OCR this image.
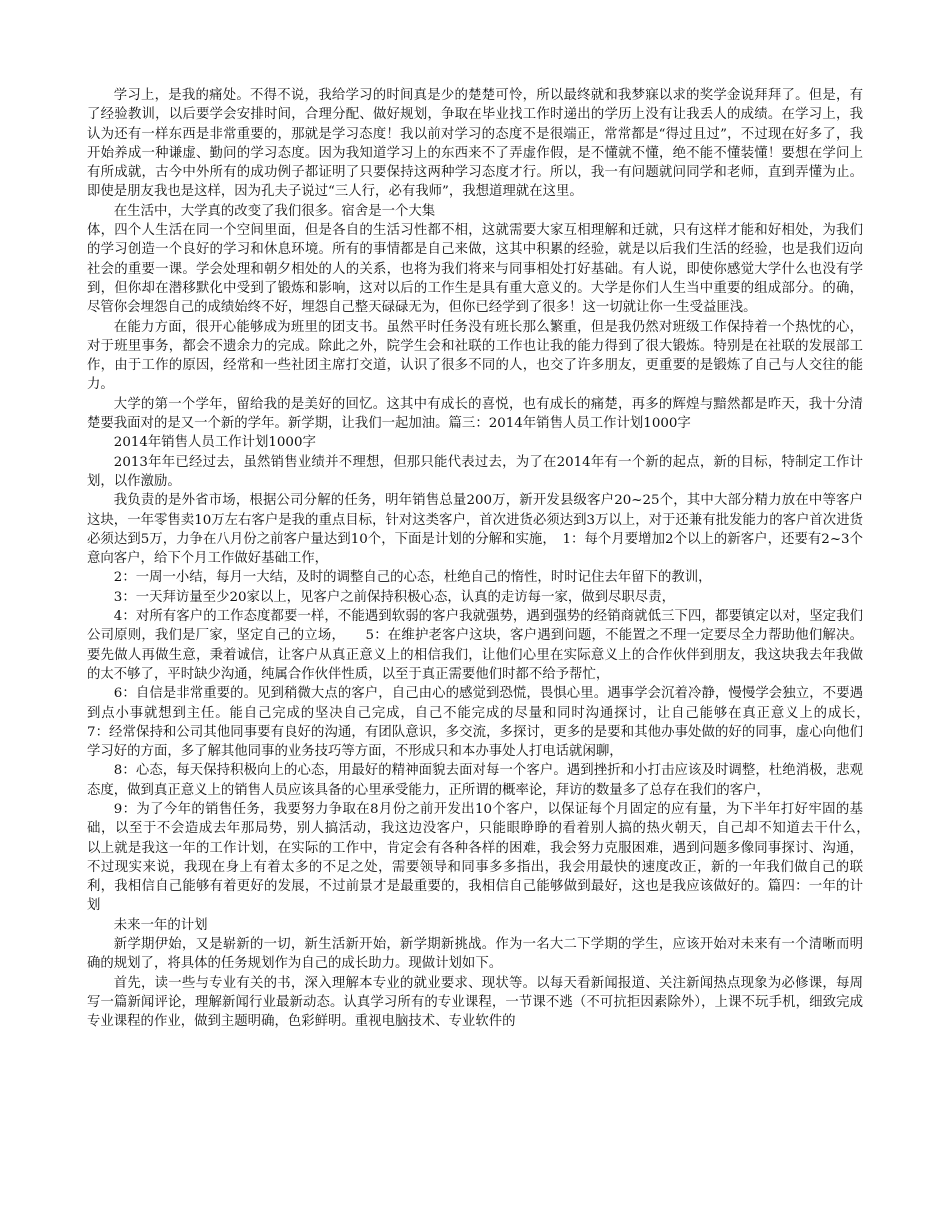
学习上，是我的痛处。不得不说，我给学习的时间真是少的楚楚可怜，所以最终就和我梦寐以求的奖学金说拜拜了。但是，有了经验教训，以后要学会安排时间，合理分配、做好规划，争取在毕业找工作时递出的学历上没有让我丢人的成绩。在学习上，我认为还有一样东西是非常重要的，那就是学习态度！我以前对学习的态度不是很端正，常常都是“得过且过”，不过现在好多了，我开始养成一种谦虚、勤问的学习态度。因为我知道学习上的东西来不了弄虚作假，是不懂就不懂，绝不能不懂装懂！要想在学问上有所成就，古今中外所有的成功例子都证明了只要保持这两种学习态度才行。所以，我一有问题就问同学和老师，直到弄懂为止。即使是朋友我也是这样，因为孔夫子说过“三人行，必有我师”，我想道理就在这里。

在生活中，大学真的改变了我们很多。宿舍是一个大集

体，四个人生活在同一个空间里面，但是各自的生活习性都不相，这就需要大家互相理解和迁就，只有这样才能和好相处，为我们的学习创造一个良好的学习和休息环境。所有的事情都是自己来做，这其中积累的经验，就是以后我们生活的经验，也是我们迈向社会的重要一课。学会处理和朝夕相处的人的关系，也将为我们将来与同事相处打好基础。有人说，即使你感觉大学什么也没有学到，但你却在潜移默化中受到了锻炼和影响，这对以后的工作生是具有重大意义的。大学是你们人生当中重要的组成部分。的确，尽管你会埋怨自己的成绩始终不好，埋怨自己整天碌碌无为，但你已经学到了很多！这一切就让你一生受益匪浅。

在能力方面，很开心能够成为班里的团支书。虽然平时任务没有班长那么繁重，但是我仍然对班级工作保持着一个热忱的心，对于班里事务，都会不遗余力的完成。除此之外，院学生会和社联的工作也让我的能力得到了很大锻炼。特别是在社联的发展部工作，由于工作的原因，经常和一些社团主席打交道，认识了很多不同的人，也交了许多朋友，更重要的是锻炼了自己与人交往的能力。

大学的第一个学年，留给我的是美好的回忆。这其中有成长的喜悦，也有成长的痛楚，再多的辉煌与黯然都是昨天，我十分清楚要我面对的是又一个新的学年。新学期，让我们一起加油。篇三：2014年销售人员工作计划1000字

2014年销售人员工作计划1000字

2013年年已经过去，虽然销售业绩并不理想，但那只能代表过去，为了在2014年有一个新的起点，新的目标，特制定工作计划，以作激励。

我负责的是外省市场，根据公司分解的任务，明年销售总量200万，新开发县级客户20~25个，其中大部分精力放在中等客户这块，一年零售卖10万左右客户是我的重点目标，针对这类客户，首次进货必须达到3万以上，对于还兼有批发能力的客户首次进货必须达到5万，力争在八月份之前客户量达到10个，下面是计划的分解和实施，　1：每个月要增加2个以上的新客户，还要有2~3个意向客户，给下个月工作做好基础工作，

2：一周一小结，每月一大结，及时的调整自己的心态，杜绝自己的惰性，时时记住去年留下的教训，

3：一天拜访量至少20家以上，见客户之前保持积极心态，认真的走访每一家，做到尽职尽责，

4：对所有客户的工作态度都要一样，不能遇到软弱的客户我就强势，遇到强势的经销商就低三下四，都要镇定以对，坚定我们公司原则，我们是厂家，坚定自己的立场，　　5：在维护老客户这块，客户遇到问题，不能置之不理一定要尽全力帮助他们解决。要先做人再做生意，秉着诚信，让客户从真正意义上的相信我们，让他们心里在实际意义上的合作伙伴到朋友，我这块我去年我做的太不够了，平时缺少沟通，纯属合作伙伴性质，以至于真正需要他们时都不给予帮忙，

6：自信是非常重要的。见到稍微大点的客户，自己由心的感觉到恐慌，畏惧心里。遇事学会沉着冷静，慢慢学会独立，不要遇到点小事就想到主任。能自己完成的坚决自己完成，自己不能完成的尽量和同时沟通探讨，让自己能够在真正意义上的成长，　　7：经常保持和公司其他同事要有良好的沟通，有团队意识，多交流，多探讨，更多的是要和其他办事处做的好的同事，虚心向他们学习好的方面，多了解其他同事的业务技巧等方面，不形成只和本办事处人打电话就闲聊，

8：心态，每天保持积极向上的心态，用最好的精神面貌去面对每一个客户。遇到挫折和小打击应该及时调整，杜绝消极，悲观态度，做到真正意义上的销售人员应该具备的心里承受能力，正所谓的概率论，拜访的数量多了总存在我们的客户，

9：为了今年的销售任务，我要努力争取在8月份之前开发出10个客户，以保证每个月固定的应有量，为下半年打好牢固的基础，以至于不会造成去年那局势，别人搞活动，我这边没客户，只能眼睁睁的看着别人搞的热火朝天，自己却不知道去干什么，　　以上就是我这一年的工作计划，在实际的工作中，肯定会有各种各样的困难，我会努力克服困难，遇到问题多像同事探讨、沟通，不过现实来说，我现在身上有着太多的不足之处，需要领导和同事多多指出，我会用最快的速度改正，新的一年我们做自己的联利，我相信自己能够有着更好的发展，不过前景才是最重要的，我相信自己能够做到最好，这也是我应该做好的。篇四：一年的计划

未来一年的计划

新学期伊始，又是崭新的一切，新生活新开始，新学期新挑战。作为一名大二下学期的学生，应该开始对未来有一个清晰而明确的规划了，将具体的任务规划作为自己的成长助力。现做计划如下。

首先，读一些与专业有关的书，深入理解本专业的就业要求、现状等。以每天看新闻报道、关注新闻热点现象为必修课，每周写一篇新闻评论，理解新闻行业最新动态。认真学习所有的专业课程，一节课不逃（不可抗拒因素除外），上课不玩手机，细致完成专业课程的作业，做到主题明确，色彩鲜明。重视电脑技术、专业软件的
